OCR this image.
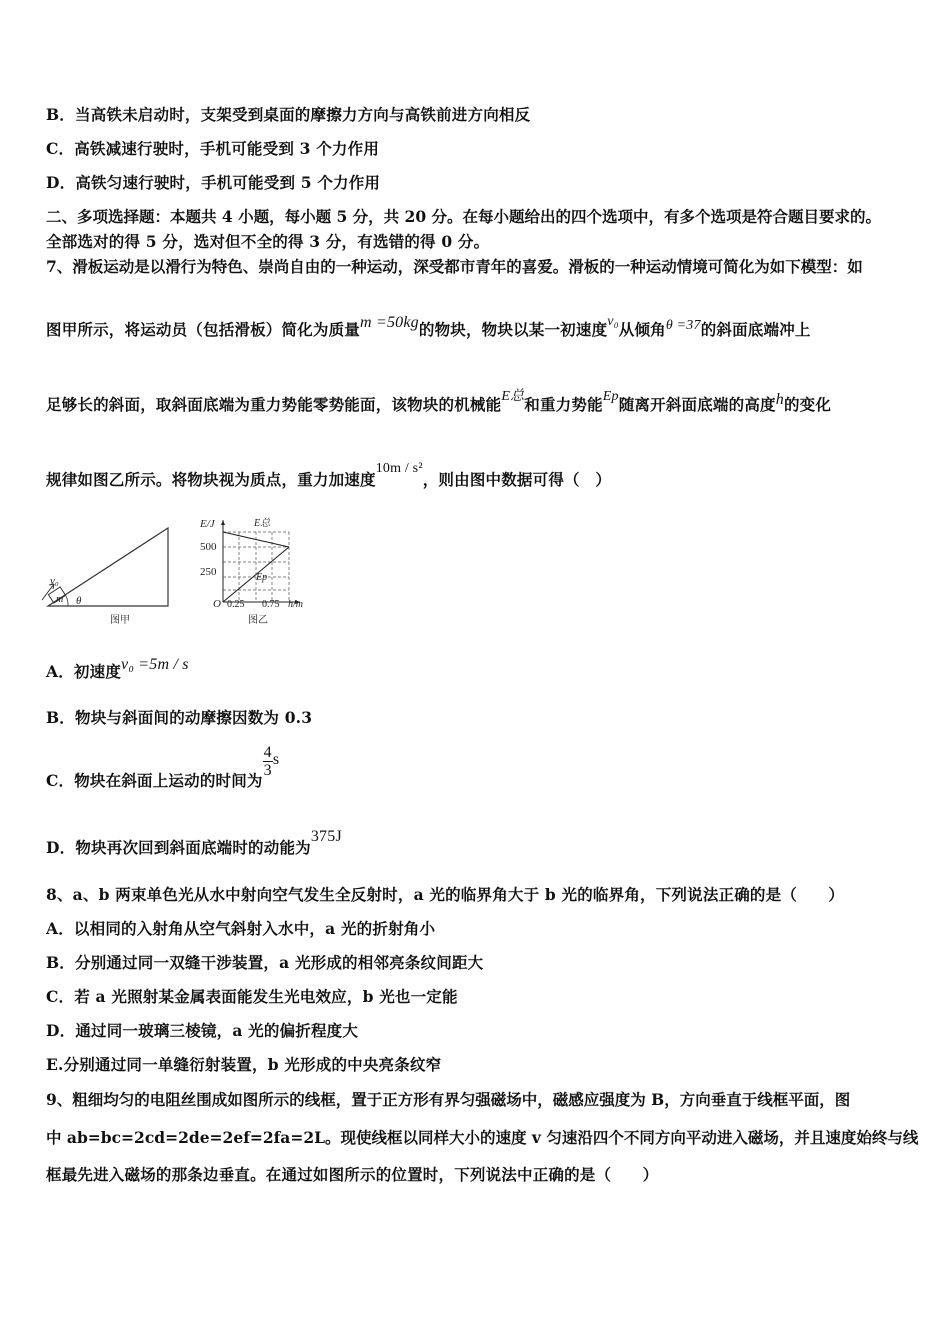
B．当高铁未启动时，支架受到桌面的摩擦力方向与高铁前进方向相反
C．高铁减速行驶时，手机可能受到 3 个力作用
D．高铁匀速行驶时，手机可能受到 5 个力作用
二、多项选择题：本题共 4 小题，每小题 5 分，共 20 分。在每小题给出的四个选项中，有多个选项是符合题目要求的。
全部选对的得 5 分，选对但不全的得 3 分，有选错的得 0 分。
7、滑板运动是以滑行为特色、崇尚自由的一种运动，深受都市青年的喜爱。滑板的一种运动情境可简化为如下模型：如
图甲所示，将运动员（包括滑板）简化为质量m =50kg的物块，物块以某一初速度v₀从倾角θ =37的斜面底端冲上
足够长的斜面，取斜面底端为重力势能零势能面，该物块的机械能E总和重力势能Ep随离开斜面底端的高度h的变化
规律如图乙所示。将物块视为质点，重力加速度10m / s²，则由图中数据可得（　）
v₀
m θ
图甲
E/J
500
250
O 0.25 0.75 h/m
E总
Ep
图乙
A．初速度v₀ =5m / s
B．物块与斜面间的动摩擦因数为 0.3
C．物块在斜面上运动的时间为
$\frac{4}{3}$ s
D．物块再次回到斜面底端时的动能为375J
8、a、b 两束单色光从水中射向空气发生全反射时，a 光的临界角大于 b 光的临界角，下列说法正确的是（　　）
A．以相同的入射角从空气斜射入水中，a 光的折射角小
B．分别通过同一双缝干涉装置，a 光形成的相邻亮条纹间距大
C．若 a 光照射某金属表面能发生光电效应，b 光也一定能
D．通过同一玻璃三棱镜，a 光的偏折程度大
E.分别通过同一单缝衍射装置，b 光形成的中央亮条纹窄
9、粗细均匀的电阻丝围成如图所示的线框，置于正方形有界匀强磁场中，磁感应强度为 B，方向垂直于线框平面，图
中 ab=bc=2cd=2de=2ef=2fa=2L。现使线框以同样大小的速度 v 匀速沿四个不同方向平动进入磁场，并且速度始终与线
框最先进入磁场的那条边垂直。在通过如图所示的位置时，下列说法中正确的是（　　）
